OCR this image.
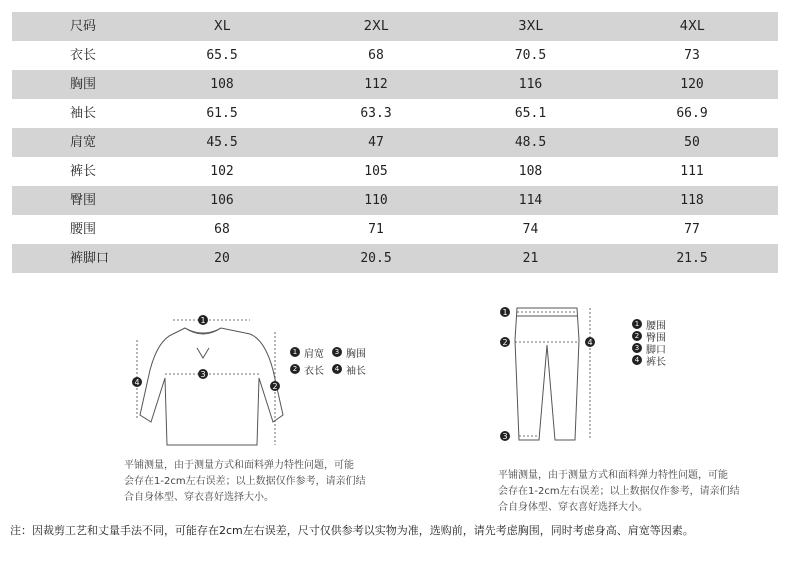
尺码	XL	2XL	3XL	4XL
衣长	65.5	68	70.5	73
胸围	108	112	116	120
袖长	61.5	63.3	65.1	66.9
肩宽	45.5	47	48.5	50
裤长	102	105	108	111
臀围	106	110	114	118
腰围	68	71	74	77
裤脚口	20	20.5	21	21.5
1
3
2
4
1 肩宽	3 胸围
2 衣长	4 袖长
平铺测量，由于测量方式和面料弹力特性问题，可能
会存在1-2cm左右误差；以上数据仅作参考，请亲们结
合自身体型、穿衣喜好选择大小。
1
2
3
4
1 腰围
2 臀围
3 脚口
4 裤长
平铺测量，由于测量方式和面料弹力特性问题，可能
会存在1-2cm左右误差；以上数据仅作参考，请亲们结
合自身体型、穿衣喜好选择大小。
注：因裁剪工艺和丈量手法不同，可能存在2cm左右误差，尺寸仅供参考以实物为准，选购前，请先考虑胸围，同时考虑身高、肩宽等因素。
